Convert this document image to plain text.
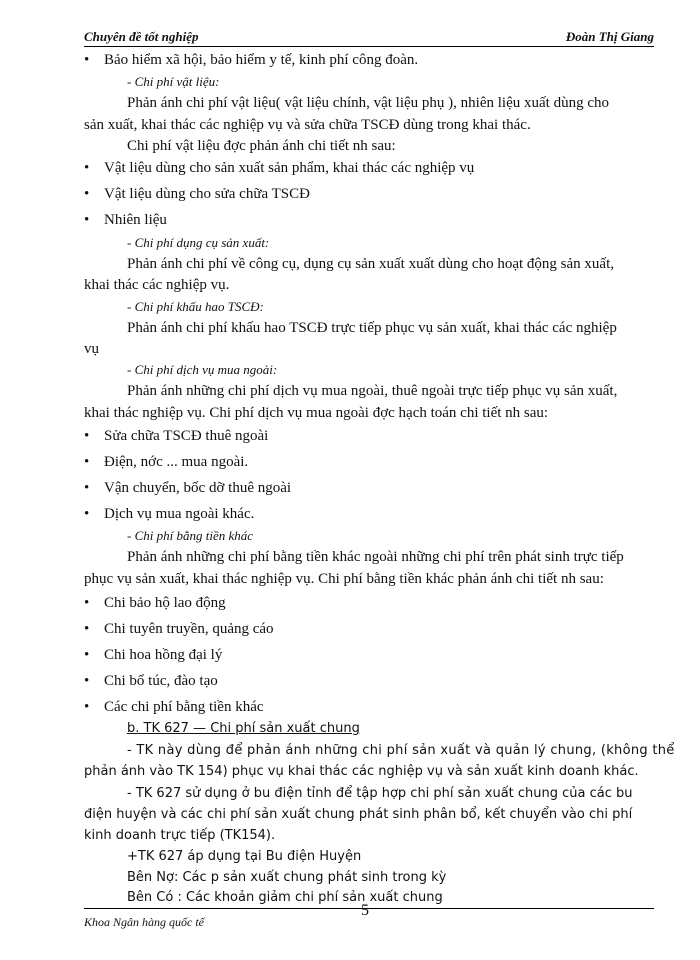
Chuyên đề tốt nghiệp	Đoàn Thị Giang
•
•
•
•
•
•
•
•
•
•
•
•
•
Bảo hiểm xã hội, bảo hiểm y tế, kinh phí công đoàn.
- Chi phí vật liệu:
Phản ánh chi phí vật liệu( vật liệu chính, vật liệu phụ ), nhiên liệu xuất dùng cho
sản xuất, khai thác các nghiệp vụ và sửa chữa TSCĐ dùng trong khai thác.
Chi phí vật liệu đợc phản ánh chi tiết nh sau:
Vật liệu dùng cho sản xuất sản phẩm, khai thác các nghiệp vụ
Vật liệu dùng cho sửa chữa TSCĐ
Nhiên liệu
- Chi phí dụng cụ sản xuất:
Phản ánh chi phí về công cụ, dụng cụ sản xuất xuất dùng cho hoạt động sản xuất,
khai thác các nghiệp vụ.
- Chi phí khấu hao TSCĐ:
Phản ánh chi phí khấu hao TSCĐ trực tiếp phục vụ sản xuất, khai thác các nghiệp
vụ
- Chi phí dịch vụ mua ngoài:
Phản ánh những chi phí dịch vụ mua ngoài, thuê ngoài trực tiếp phục vụ sản xuất,
khai thác nghiệp vụ. Chi phí dịch vụ mua ngoài đợc hạch toán chi tiết nh sau:
Sửa chữa TSCĐ thuê ngoài
Điện, nớc ... mua ngoài.
Vận chuyển, bốc dỡ thuê ngoài
Dịch vụ mua ngoài khác.
- Chi phí bằng tiền khác
Phản ánh những chi phí bằng tiền khác ngoài những chi phí trên phát sinh trực tiếp
phục vụ sản xuất, khai thác nghiệp vụ. Chi phí bằng tiền khác phản ánh chi tiết nh sau:
Chi bảo hộ lao động
Chi tuyên truyền, quảng cáo
Chi hoa hồng đại lý
Chi bổ túc, đào tạo
Các chi phí bằng tiền khác
b. TK 627 — Chi phí sản xuất chung
- TK này dùng để phản ánh những chi phí sản xuất và quản lý chung, (không thể
phản ánh vào TK 154) phục vụ khai thác các nghiệp vụ và sản xuất kinh doanh khác.
- TK 627 sử dụng ở bu điện tỉnh để tập hợp chi phí sản xuất chung của các bu
điện huyện và các chi phí sản xuất chung phát sinh phân bổ, kết chuyển vào chi phí
kinh doanh trực tiếp (TK154).
+TK 627 áp dụng tại Bu điện Huyện
Bên Nợ: Các p sản xuất chung phát sinh trong kỳ
Bên Có : Các khoản giảm chi phí sản xuất chung
5
Khoa Ngân hàng quốc tế
